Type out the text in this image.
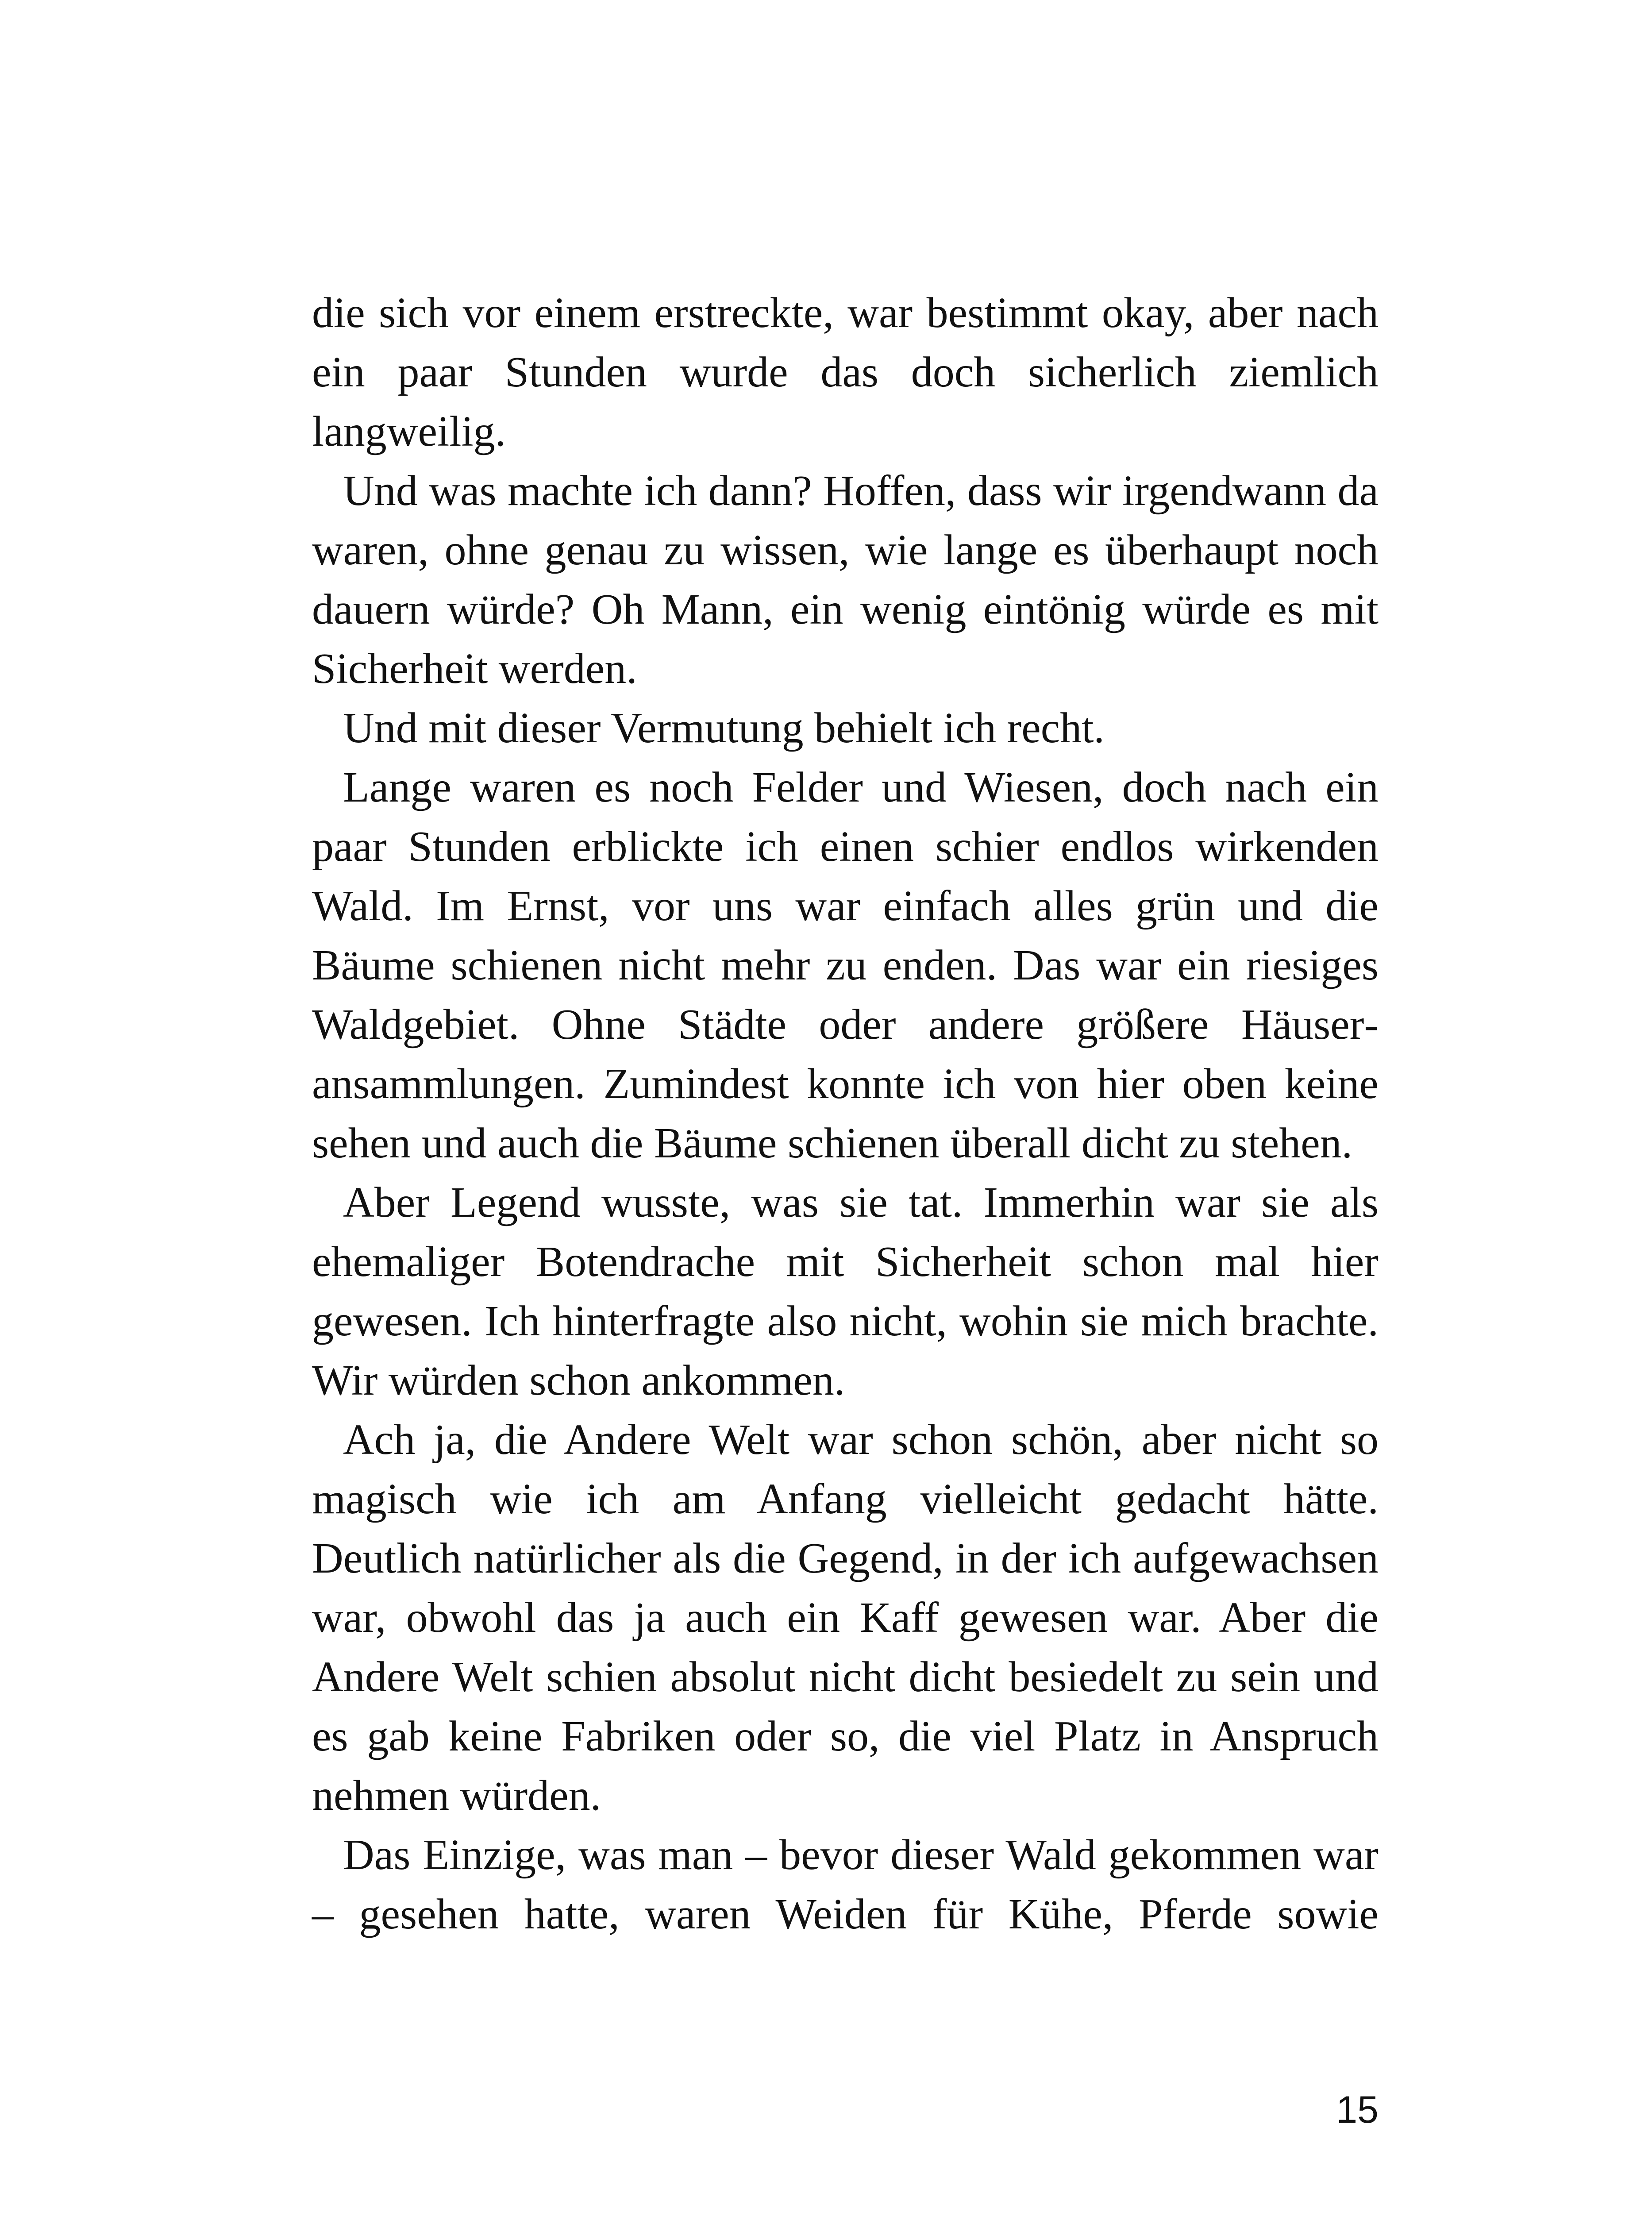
die sich vor einem erstreckte, war bestimmt okay, aber nach ein paar Stunden wurde das doch sicherlich ziemlich langweilig.

Und was machte ich dann? Hoffen, dass wir irgendwann da waren, ohne genau zu wissen, wie lange es überhaupt noch dauern würde? Oh Mann, ein wenig eintönig würde es mit Sicherheit werden.

Und mit dieser Vermutung behielt ich recht.

Lange waren es noch Felder und Wiesen, doch nach ein paar Stunden erblickte ich einen schier endlos wirkenden Wald. Im Ernst, vor uns war einfach alles grün und die Bäume schienen nicht mehr zu enden. Das war ein riesiges Waldgebiet. Ohne Städte oder andere größere Häuseransammlungen. Zumindest konnte ich von hier oben keine sehen und auch die Bäume schienen überall dicht zu stehen.

Aber Legend wusste, was sie tat. Immerhin war sie als ehemaliger Botendrache mit Sicherheit schon mal hier gewesen. Ich hinterfragte also nicht, wohin sie mich brachte. Wir würden schon ankommen.

Ach ja, die Andere Welt war schon schön, aber nicht so magisch wie ich am Anfang vielleicht gedacht hätte. Deutlich natürlicher als die Gegend, in der ich aufgewachsen war, obwohl das ja auch ein Kaff gewesen war. Aber die Andere Welt schien absolut nicht dicht besiedelt zu sein und es gab keine Fabriken oder so, die viel Platz in Anspruch nehmen würden.

Das Einzige, was man – bevor dieser Wald gekommen war – gesehen hatte, waren Weiden für Kühe, Pferde sowie

15
